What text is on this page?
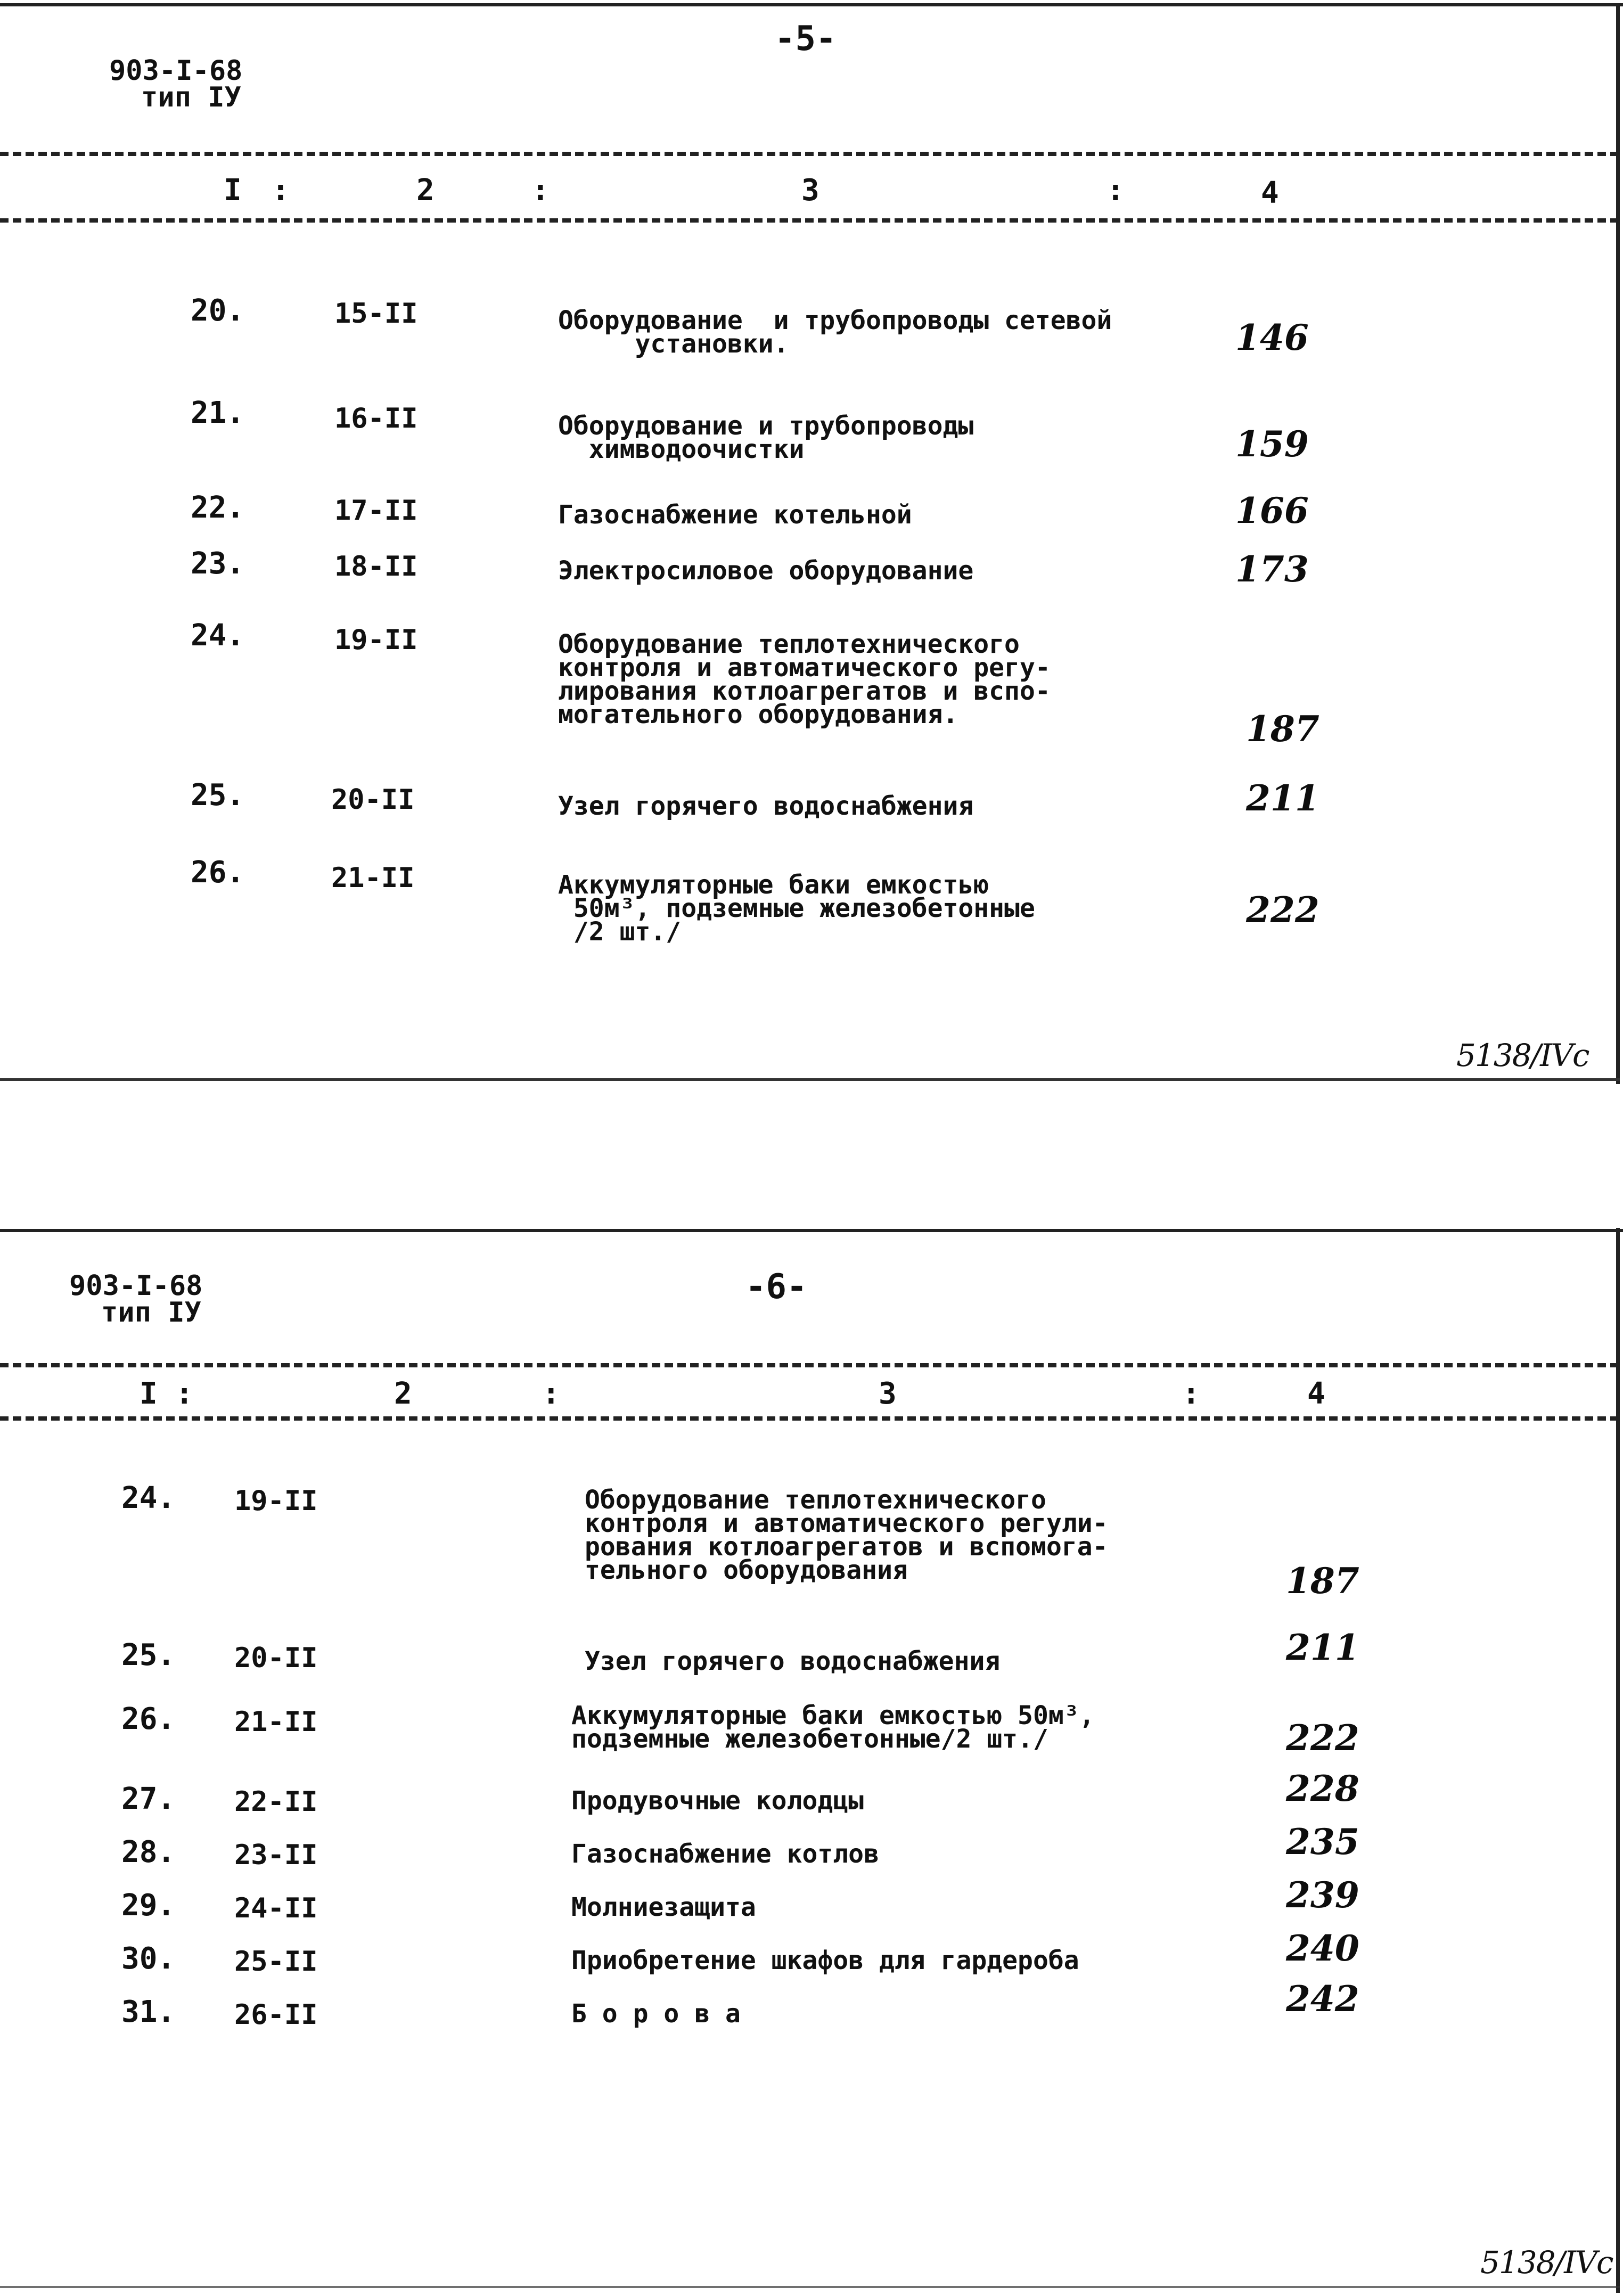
903-I-68
тип IУ
-5-
I :	2	:	3	:	4
20.	15-II	Оборудование  и трубопроводы сетевой
установки.	146
21.	16-II	Оборудование и трубопроводы
химводоочистки	159
22.	17-II	Газоснабжение котельной	166
23.	18-II	Электросиловое оборудование	173
24.	19-II	Оборудование теплотехнического
контроля и автоматического регу-
лирования котлоагрегатов и вспо-
могательного оборудования.	187
25.	20-II	Узел горячего водоснабжения	211
26.	21-II	Аккумуляторные баки емкостью
50м³, подземные железобетонные
/2 шт./
222
5138/IVc
903-I-68
тип IУ
-6-
I :	2	:	3	:	4
24. 19-II	Оборудование теплотехнического
контроля и автоматического регули-
рования котлоагрегатов и вспомога-
тельного оборудования	187
25. 20-II	Узел горячего водоснабжения	211
26. 21-II	Аккумуляторные баки емкостью 50м³,
подземные железобетонные/2 шт./	222
27. 22-II	Продувочные колодцы	228
28. 23-II	Газоснабжение котлов	235
29. 24-II	Молниезащита	239
30. 25-II	Приобретение шкафов для гардероба	240
31. 26-II	Б о р о в а	242
5138/IVc
